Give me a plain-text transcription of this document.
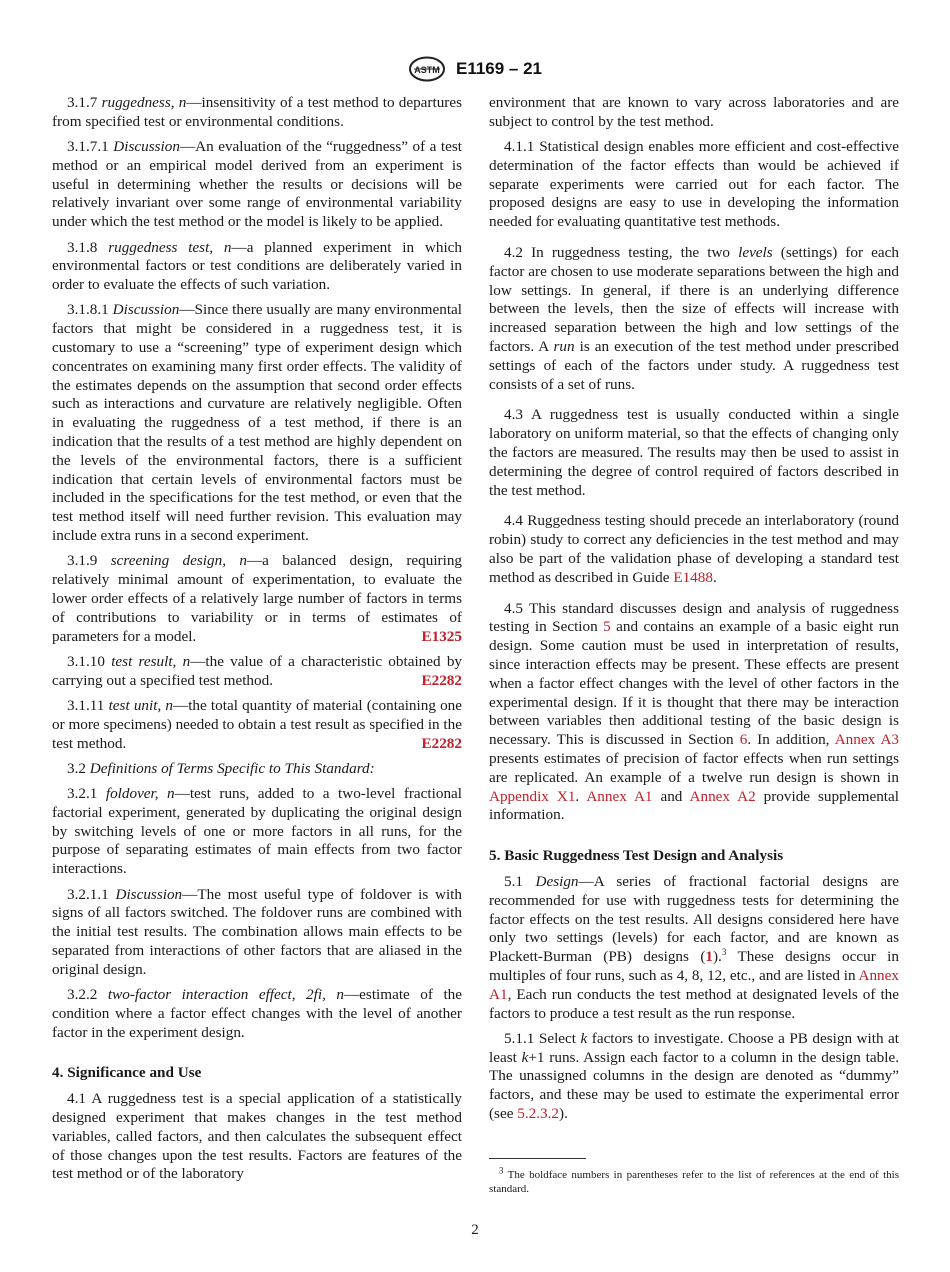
ASTM E1169 – 21

3.1.7 ruggedness, n—insensitivity of a test method to departures from specified test or environmental conditions.

3.1.7.1 Discussion—An evaluation of the “ruggedness” of a test method or an empirical model derived from an experiment is useful in determining whether the results or decisions will be relatively invariant over some range of environmental variability under which the test method or the model is likely to be applied.

3.1.8 ruggedness test, n—a planned experiment in which environmental factors or test conditions are deliberately varied in order to evaluate the effects of such variation.

3.1.8.1 Discussion—Since there usually are many environmental factors that might be considered in a ruggedness test, it is customary to use a “screening” type of experiment design which concentrates on examining many first order effects. The validity of the estimates depends on the assumption that second order effects such as interactions and curvature are relatively negligible. Often in evaluating the ruggedness of a test method, if there is an indication that the results of a test method are highly dependent on the levels of the environmental factors, there is a sufficient indication that certain levels of environmental factors must be included in the specifications for the test method, or even that the test method itself will need further revision. This evaluation may include extra runs in a second experiment.

3.1.9 screening design, n—a balanced design, requiring relatively minimal amount of experimentation, to evaluate the lower order effects of a relatively large number of factors in terms of contributions to variability or in terms of estimates of parameters for a model.	E1325

3.1.10 test result, n—the value of a characteristic obtained by carrying out a specified test method.	E2282

3.1.11 test unit, n—the total quantity of material (containing one or more specimens) needed to obtain a test result as specified in the test method.	E2282

3.2 Definitions of Terms Specific to This Standard:

3.2.1 foldover, n—test runs, added to a two-level fractional factorial experiment, generated by duplicating the original design by switching levels of one or more factors in all runs, for the purpose of separating estimates of main effects from two factor interactions.

3.2.1.1 Discussion—The most useful type of foldover is with signs of all factors switched. The foldover runs are combined with the initial test results. The combination allows main effects to be separated from interactions of other factors that are aliased in the original design.

3.2.2 two-factor interaction effect, 2fi, n—estimate of the condition where a factor effect changes with the level of another factor in the experiment design.

4. Significance and Use

4.1 A ruggedness test is a special application of a statistically designed experiment that makes changes in the test method variables, called factors, and then calculates the subsequent effect of those changes upon the test results. Factors are features of the test method or of the laboratory

environment that are known to vary across laboratories and are subject to control by the test method.

4.1.1 Statistical design enables more efficient and cost-effective determination of the factor effects than would be achieved if separate experiments were carried out for each factor. The proposed designs are easy to use in developing the information needed for evaluating quantitative test methods.

4.2 In ruggedness testing, the two levels (settings) for each factor are chosen to use moderate separations between the high and low settings. In general, if there is an underlying difference between the levels, then the size of effects will increase with increased separation between the high and low settings of the factors. A run is an execution of the test method under prescribed settings of each of the factors under study. A ruggedness test consists of a set of runs.

4.3 A ruggedness test is usually conducted within a single laboratory on uniform material, so that the effects of changing only the factors are measured. The results may then be used to assist in determining the degree of control required of factors described in the test method.

4.4 Ruggedness testing should precede an interlaboratory (round robin) study to correct any deficiencies in the test method and may also be part of the validation phase of developing a standard test method as described in Guide E1488.

4.5 This standard discusses design and analysis of ruggedness testing in Section 5 and contains an example of a basic eight run design. Some caution must be used in interpretation of results, since interaction effects may be present. These effects are present when a factor effect changes with the level of other factors in the experimental design. If it is thought that there may be interaction between variables then additional testing of the basic design is necessary. This is discussed in Section 6. In addition, Annex A3 presents estimates of precision of factor effects when run settings are replicated. An example of a twelve run design is shown in Appendix X1. Annex A1 and Annex A2 provide supplemental information.

5. Basic Ruggedness Test Design and Analysis

5.1 Design—A series of fractional factorial designs are recommended for use with ruggedness tests for determining the factor effects on the test results. All designs considered here have only two settings (levels) for each factor, and are known as Plackett-Burman (PB) designs (1).$^3$ These designs occur in multiples of four runs, such as 4, 8, 12, etc., and are listed in Annex A1, Each run conducts the test method at designated levels of the factors to produce a test result as the run response.

5.1.1 Select k factors to investigate. Choose a PB design with at least k+1 runs. Assign each factor to a column in the design table. The unassigned columns in the design are denoted as “dummy” factors, and these may be used to estimate the experimental error (see 5.2.3.2).

$^3$ The boldface numbers in parentheses refer to the list of references at the end of this standard.

2
